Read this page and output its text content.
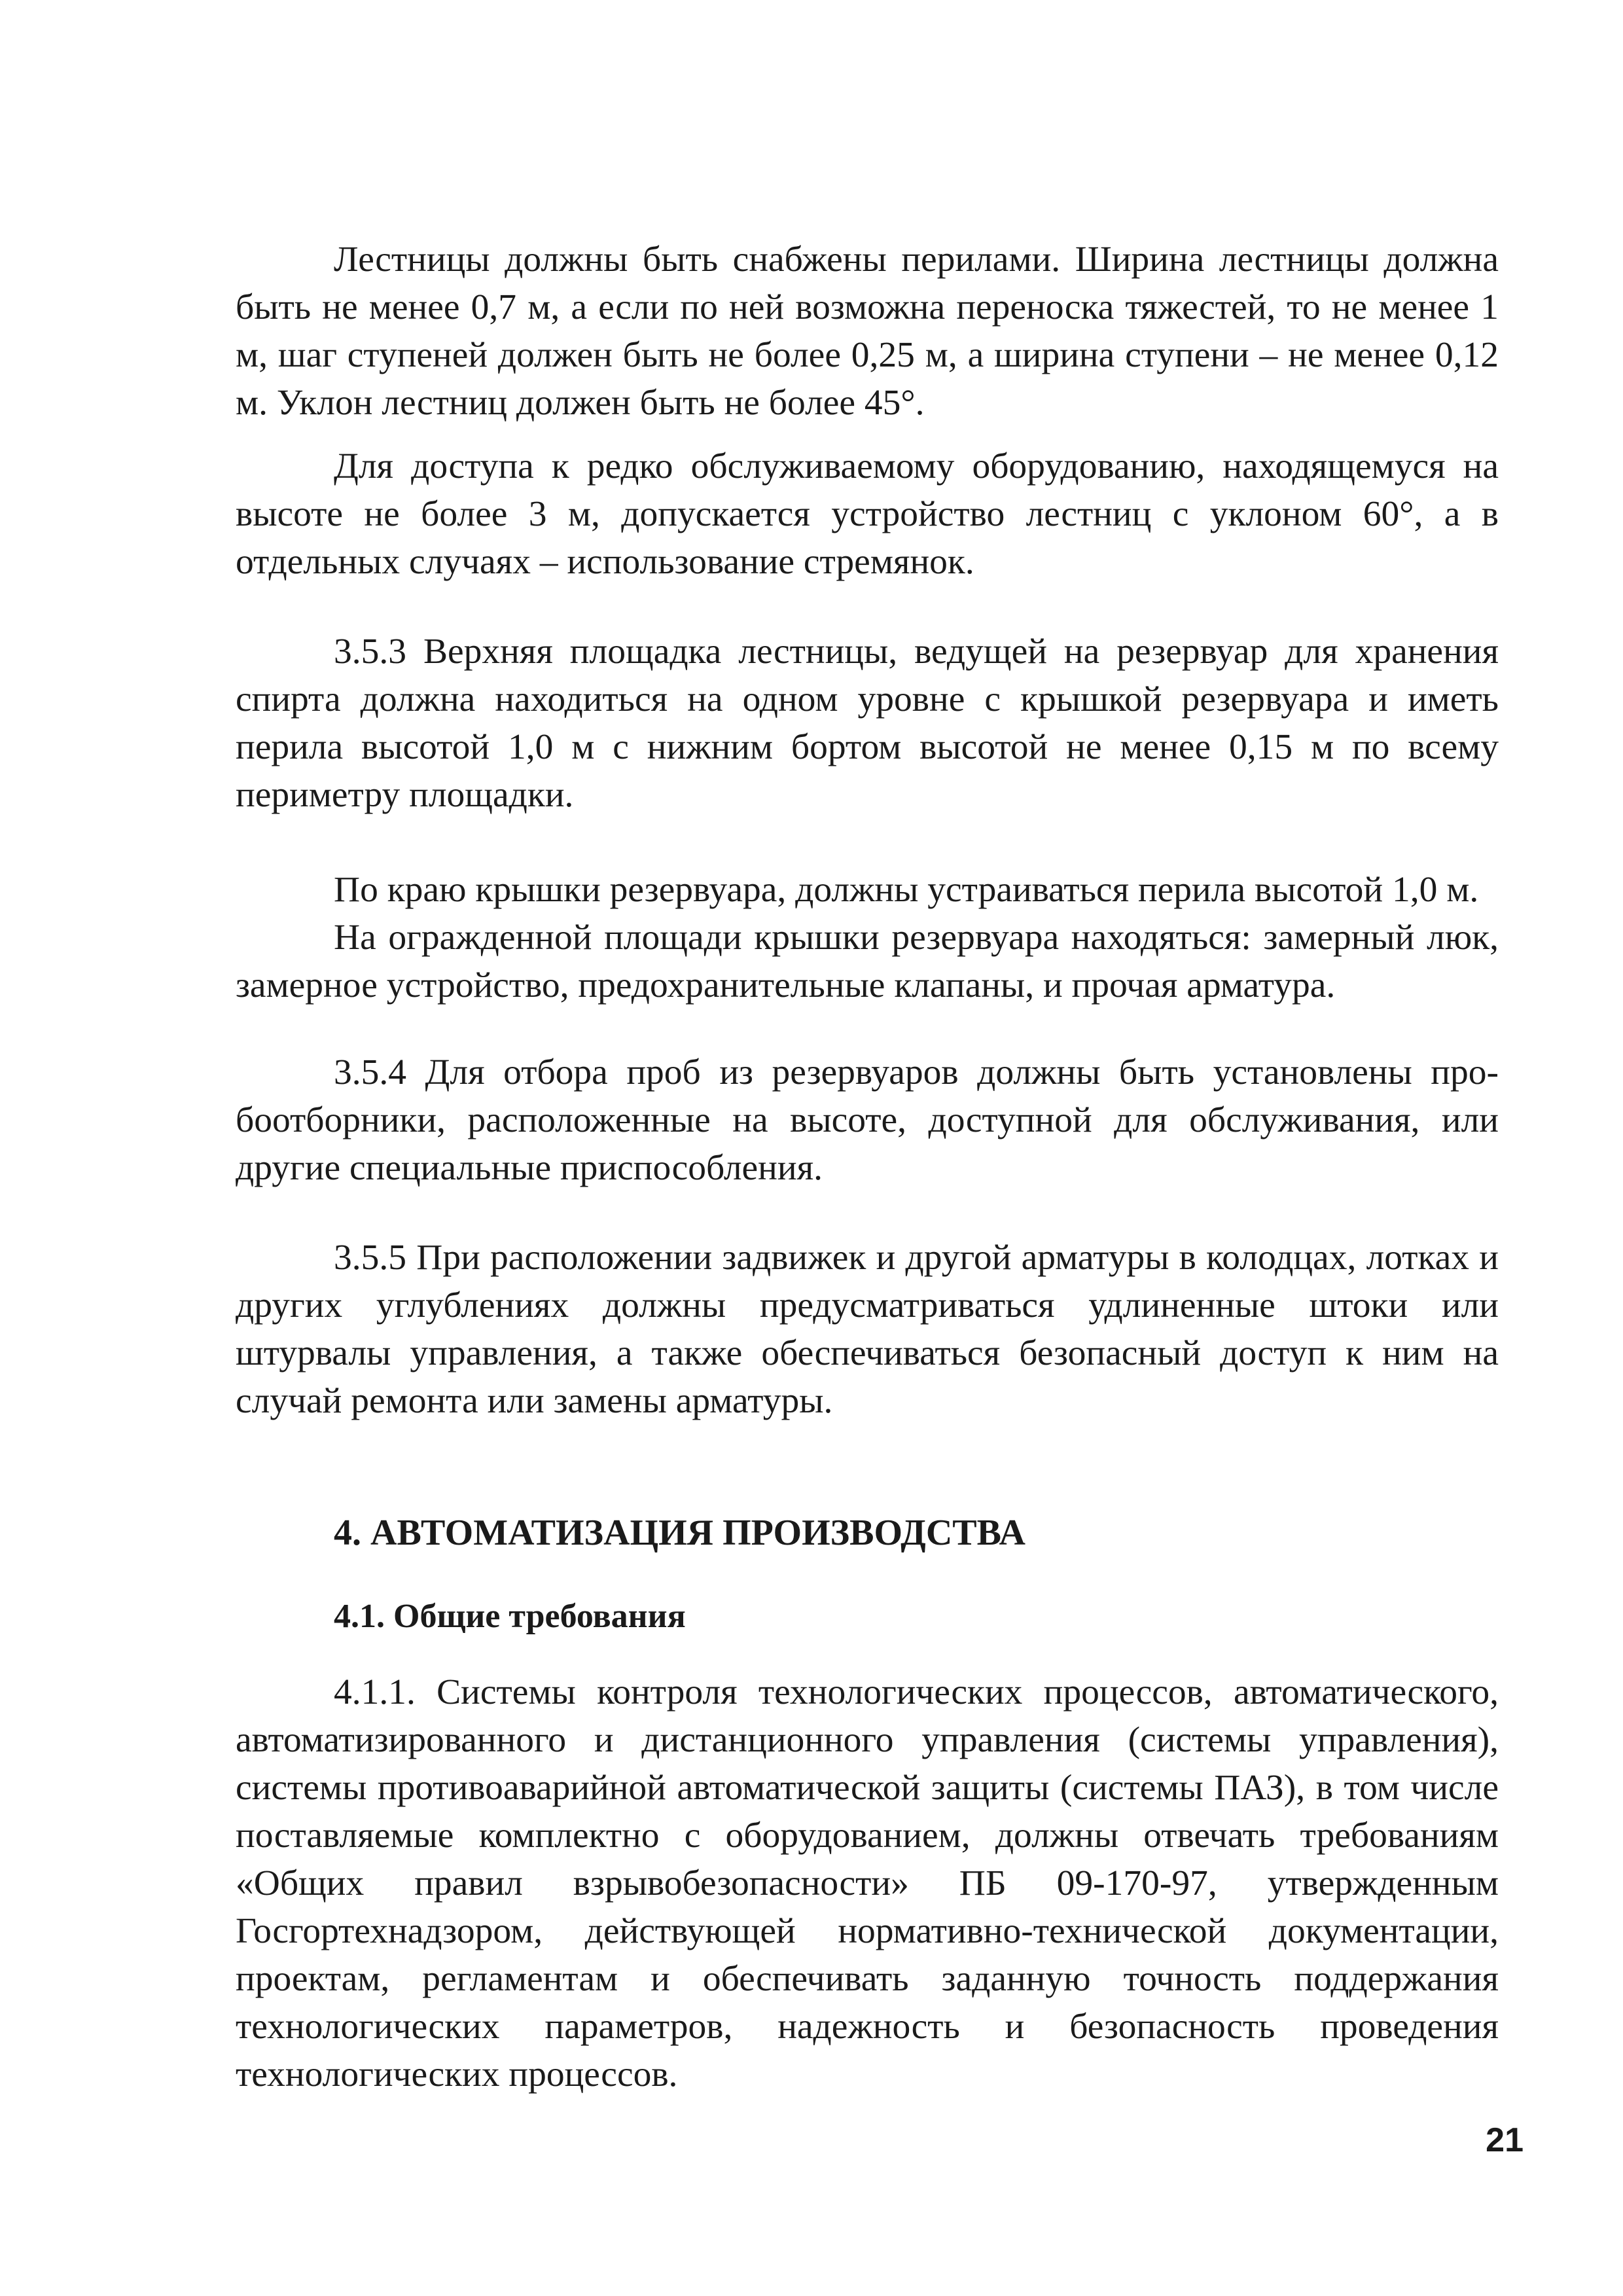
Лестницы должны быть снабжены перилами. Ширина лестницы должна быть не менее 0,7 м, а если по ней возможна переноска тяжестей, то не менее 1 м, шаг ступеней должен быть не более 0,25 м, а ширина ступени – не менее 0,12 м. Уклон лестниц должен быть не более 45°.

Для доступа к редко обслуживаемому оборудованию, находящемуся на высоте не более 3 м, допускается устройство лестниц с уклоном 60°, а в отдельных случаях – использование стремянок.

3.5.3 Верхняя площадка лестницы, ведущей на резервуар для хранения спирта должна находиться на одном уровне с крышкой резервуара и иметь перила высотой 1,0 м с нижним бортом высотой не менее 0,15 м по всему периметру площадки.

По краю крышки резервуара, должны устраиваться перила высотой 1,0 м.

На огражденной площади крышки резервуара находяться: замерный люк, замерное устройство, предохранительные клапаны, и прочая арматура.

3.5.4 Для отбора проб из резервуаров должны быть установлены пробоотборники, расположенные на высоте, доступной для обслуживания, или другие специальные приспособления.

3.5.5 При расположении задвижек и другой арматуры в колодцах, лотках и других углублениях должны предусматриваться удлиненные штоки или штурвалы управления, а также обеспечиваться безопасный доступ к ним на случай ремонта или замены арматуры.

4. АВТОМАТИЗАЦИЯ ПРОИЗВОДСТВА
4.1. Общие требования

4.1.1. Системы контроля технологических процессов, автоматического, автоматизированного и дистанционного управления (системы управления), системы противоаварийной автоматической защиты (системы ПАЗ), в том числе поставляемые комплектно с оборудованием, должны отвечать требованиям «Общих правил взрывобезопасности» ПБ 09-170-97, утвержденным Госгортехнадзором, действующей нормативно-технической документации, проектам, регламентам и обеспечивать заданную точность поддержания технологических параметров, надежность и безопасность проведения технологических процессов.

21
